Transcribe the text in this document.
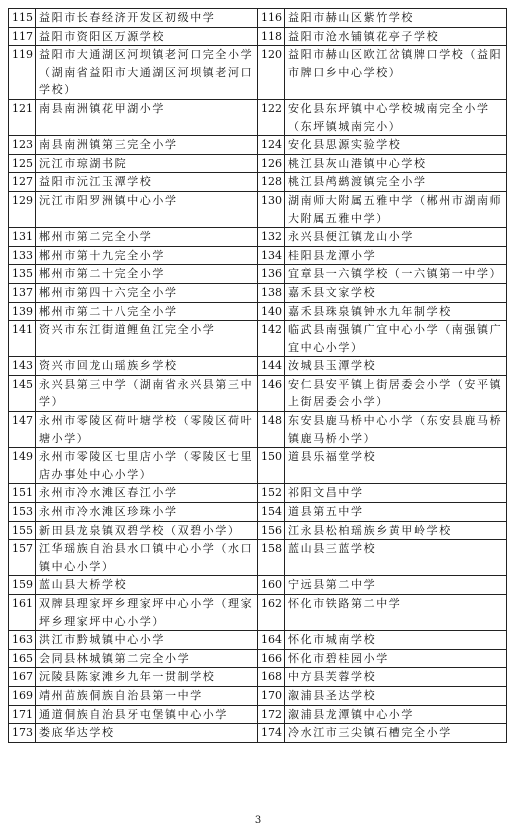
115	益阳市长春经济开发区初级中学	116	益阳市赫山区紫竹学校
117	益阳市资阳区万源学校	118	益阳市沧水铺镇花亭子学校
119	益阳市大通湖区河坝镇老河口完全小学（湖南省益阳市大通湖区河坝镇老河口学校）	120	益阳市赫山区欧江岔镇牌口学校（益阳市牌口乡中心学校）
121	南县南洲镇花甲湖小学	122	安化县东坪镇中心学校城南完全小学（东坪镇城南完小）
123	南县南洲镇第三完全小学	124	安化县思源实验学校
125	沅江市琼湖书院	126	桃江县灰山港镇中心学校
127	益阳市沅江玉潭学校	128	桃江县鸬鹚渡镇完全小学
129	沅江市阳罗洲镇中心小学	130	湖南师大附属五雅中学（郴州市湖南师大附属五雅中学）
131	郴州市第二完全小学	132	永兴县便江镇龙山小学
133	郴州市第十九完全小学	134	桂阳县龙潭小学
135	郴州市第二十完全小学	136	宜章县一六镇学校（一六镇第一中学）
137	郴州市第四十六完全小学	138	嘉禾县文家学校
139	郴州市第二十八完全小学	140	嘉禾县珠泉镇钟水九年制学校
141	资兴市东江街道鲤鱼江完全小学	142	临武县南强镇广宜中心小学（南强镇广宜中心小学）
143	资兴市回龙山瑶族乡学校	144	汝城县玉潭学校
145	永兴县第三中学（湖南省永兴县第三中学）	146	安仁县安平镇上街居委会小学（安平镇上街居委会小学）
147	永州市零陵区荷叶塘学校（零陵区荷叶塘小学）	148	东安县鹿马桥中心小学（东安县鹿马桥镇鹿马桥小学）
149	永州市零陵区七里店小学（零陵区七里店办事处中心小学）	150	道县乐福堂学校
151	永州市冷水滩区春江小学	152	祁阳文昌中学
153	永州市冷水滩区珍珠小学	154	道县第五中学
155	新田县龙泉镇双碧学校（双碧小学）	156	江永县松柏瑶族乡黄甲岭学校
157	江华瑶族自治县水口镇中心小学（水口镇中心小学）	158	蓝山县三蓝学校
159	蓝山县大桥学校	160	宁远县第二中学
161	双牌县理家坪乡理家坪中心小学（理家坪乡理家坪中心小学）	162	怀化市铁路第二中学
163	洪江市黔城镇中心小学	164	怀化市城南学校
165	会同县林城镇第二完全小学	166	怀化市碧桂园小学
167	沅陵县陈家滩乡九年一贯制学校	168	中方县芙蓉学校
169	靖州苗族侗族自治县第一中学	170	溆浦县圣达学校
171	通道侗族自治县牙屯堡镇中心小学	172	溆浦县龙潭镇中心小学
173	娄底华达学校	174	冷水江市三尖镇石槽完全小学
3
